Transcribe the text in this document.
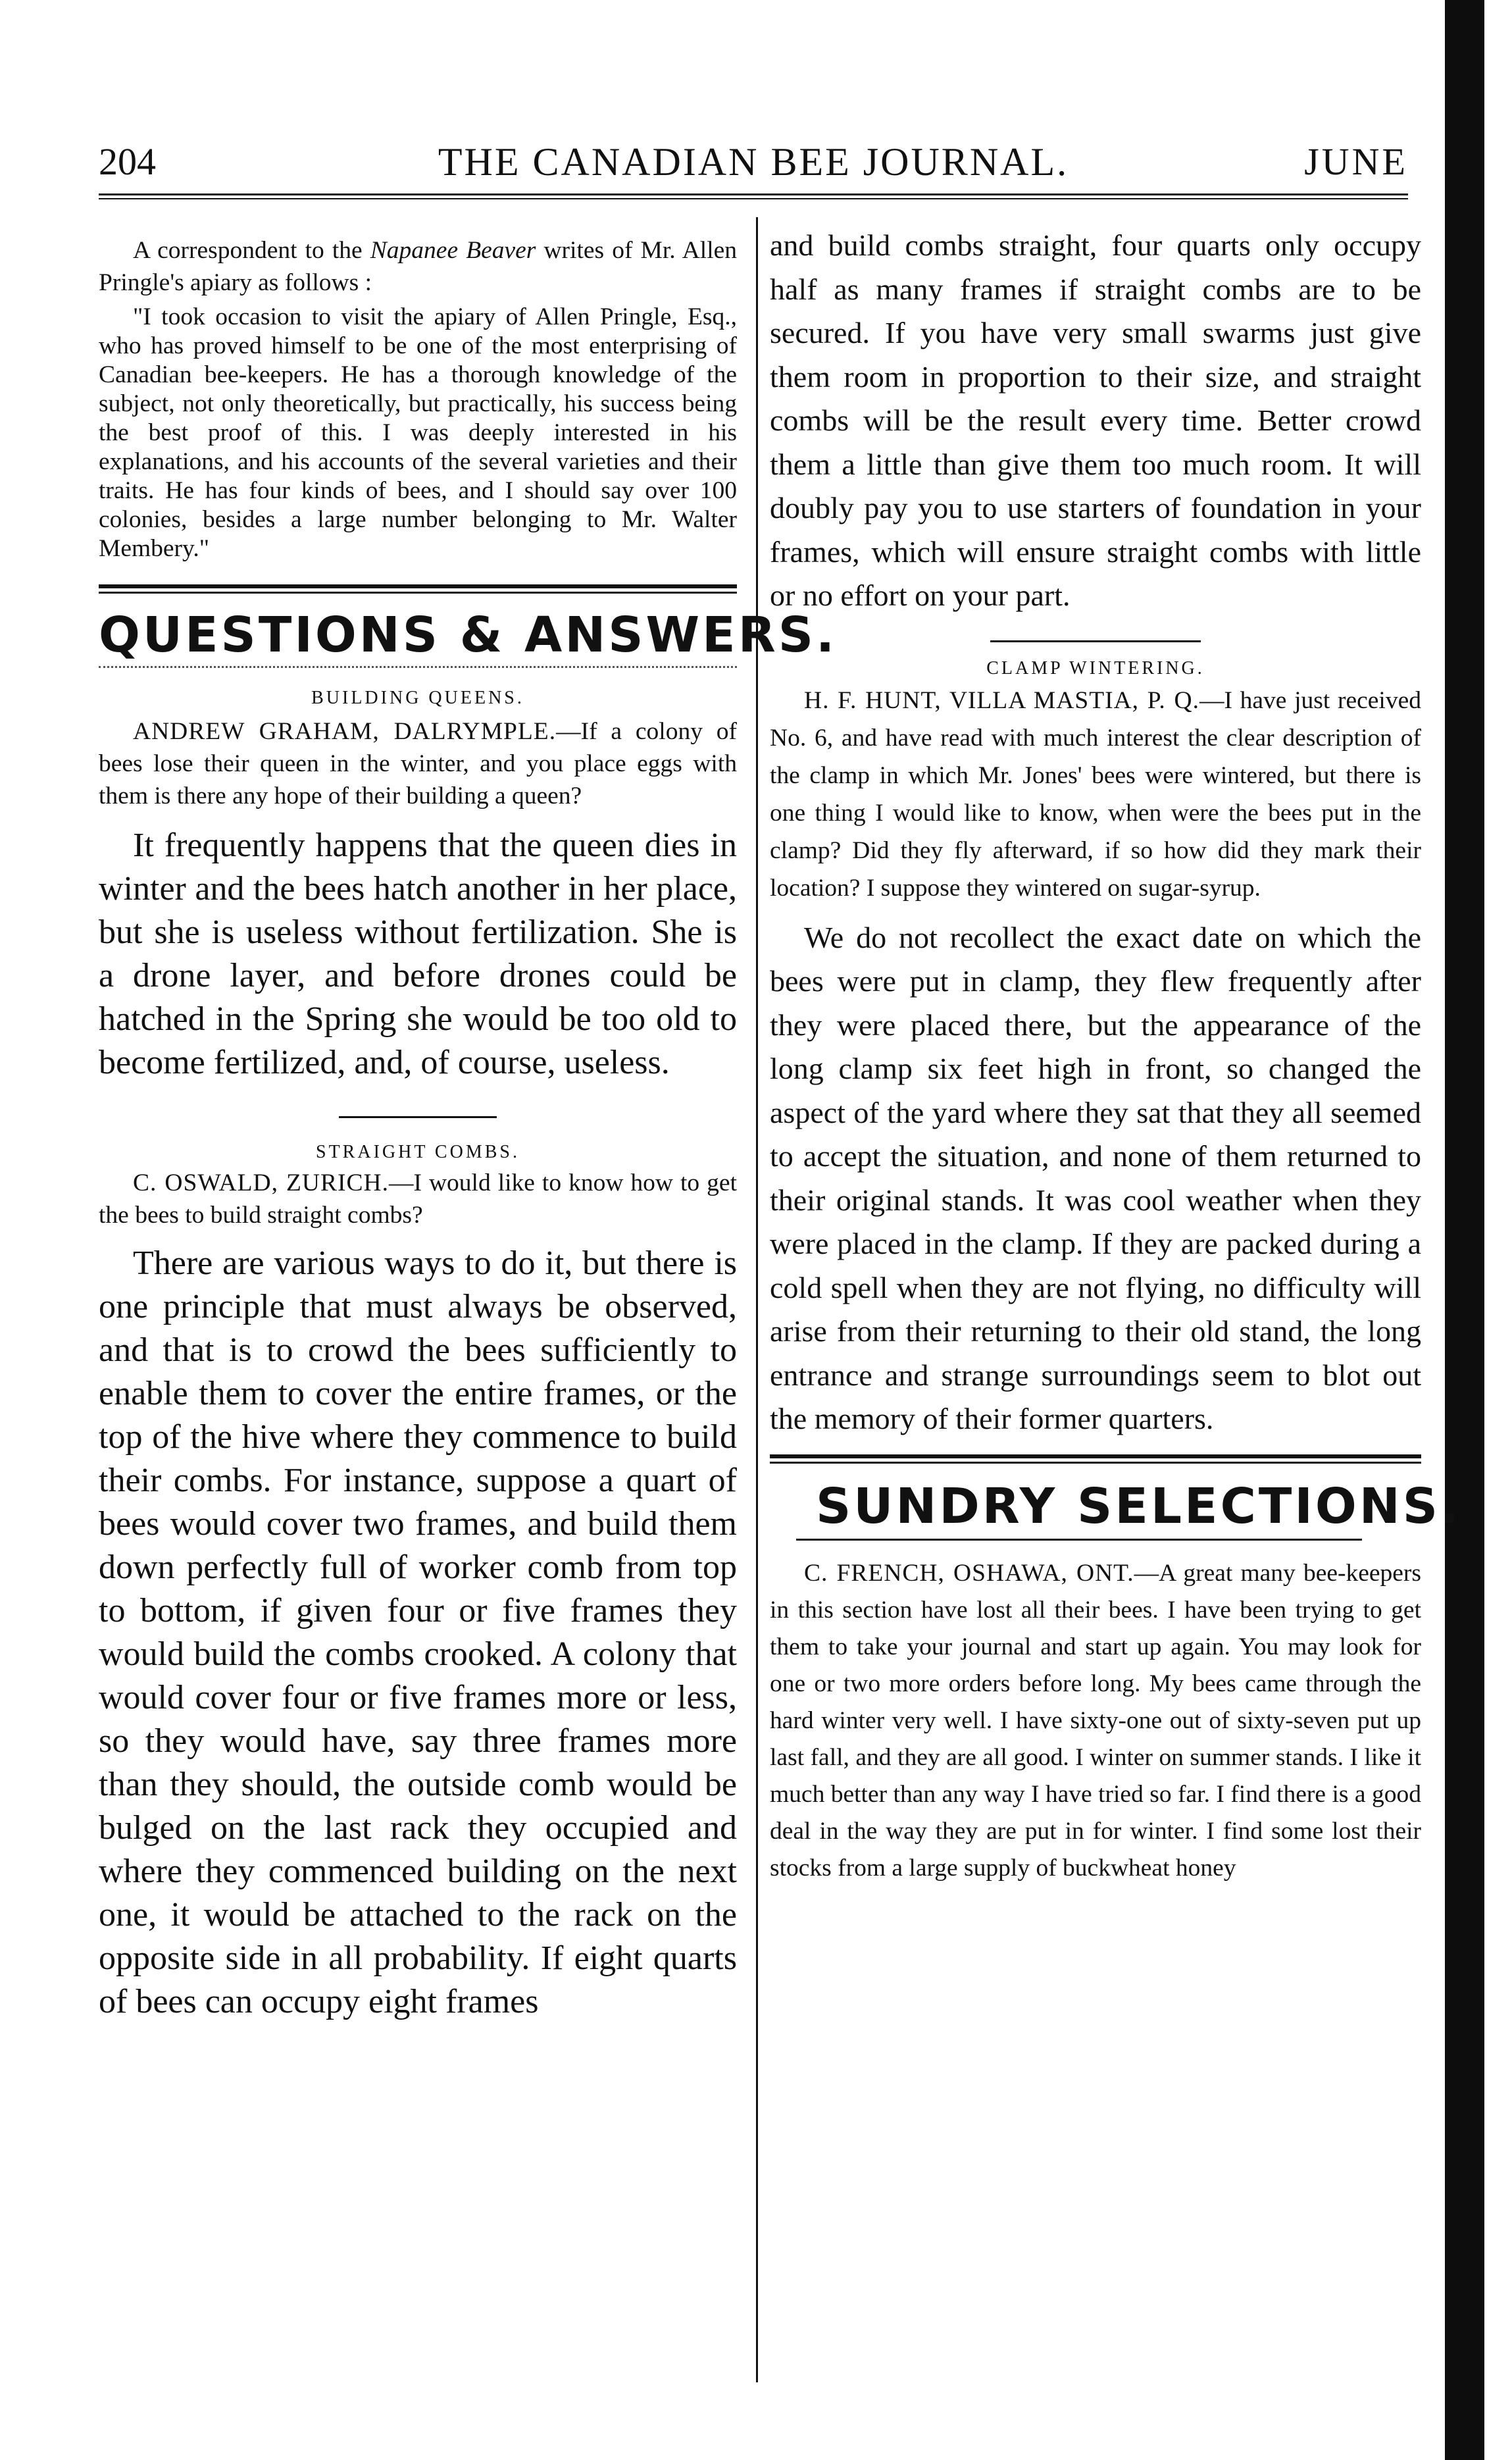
204	THE CANADIAN BEE JOURNAL.	JUNE

A correspondent to the Napanee Beaver writes of Mr. Allen Pringle's apiary as follows :

"I took occasion to visit the apiary of Allen Pringle, Esq., who has proved himself to be one of the most enterprising of Canadian bee-keepers. He has a thorough knowledge of the subject, not only theoretically, but practically, his success being the best proof of this. I was deeply interested in his explanations, and his accounts of the several varieties and their traits. He has four kinds of bees, and I should say over 100 colonies, besides a large number belonging to Mr. Walter Membery."

QUESTIONS & ANSWERS.

BUILDING QUEENS.

ANDREW GRAHAM, DALRYMPLE.—If a colony of bees lose their queen in the winter, and you place eggs with them is there any hope of their building a queen?

It frequently happens that the queen dies in winter and the bees hatch another in her place, but she is useless without fertilization. She is a drone layer, and before drones could be hatched in the Spring she would be too old to become fertilized, and, of course, useless.

STRAIGHT COMBS.

C. OSWALD, ZURICH.—I would like to know how to get the bees to build straight combs?

There are various ways to do it, but there is one principle that must always be observed, and that is to crowd the bees sufficiently to enable them to cover the entire frames, or the top of the hive where they commence to build their combs. For instance, suppose a quart of bees would cover two frames, and build them down perfectly full of worker comb from top to bottom, if given four or five frames they would build the combs crooked. A colony that would cover four or five frames more or less, so they would have, say three frames more than they should, the outside comb would be bulged on the last rack they occupied and where they commenced building on the next one, it would be attached to the rack on the opposite side in all probability. If eight quarts of bees can occupy eight frames

and build combs straight, four quarts only occupy half as many frames if straight combs are to be secured. If you have very small swarms just give them room in proportion to their size, and straight combs will be the result every time. Better crowd them a little than give them too much room. It will doubly pay you to use starters of foundation in your frames, which will ensure straight combs with little or no effort on your part.

CLAMP WINTERING.

H. F. HUNT, VILLA MASTIA, P. Q.—I have just received No. 6, and have read with much interest the clear description of the clamp in which Mr. Jones' bees were wintered, but there is one thing I would like to know, when were the bees put in the clamp? Did they fly afterward, if so how did they mark their location? I suppose they wintered on sugar-syrup.

We do not recollect the exact date on which the bees were put in clamp, they flew frequently after they were placed there, but the appearance of the long clamp six feet high in front, so changed the aspect of the yard where they sat that they all seemed to accept the situation, and none of them returned to their original stands. It was cool weather when they were placed in the clamp. If they are packed during a cold spell when they are not flying, no difficulty will arise from their returning to their old stand, the long entrance and strange surroundings seem to blot out the memory of their former quarters.

SUNDRY SELECTIONS.

C. FRENCH, OSHAWA, ONT.—A great many bee-keepers in this section have lost all their bees. I have been trying to get them to take your journal and start up again. You may look for one or two more orders before long. My bees came through the hard winter very well. I have sixty-one out of sixty-seven put up last fall, and they are all good. I winter on summer stands. I like it much better than any way I have tried so far. I find there is a good deal in the way they are put in for winter. I find some lost their stocks from a large supply of buckwheat honey
